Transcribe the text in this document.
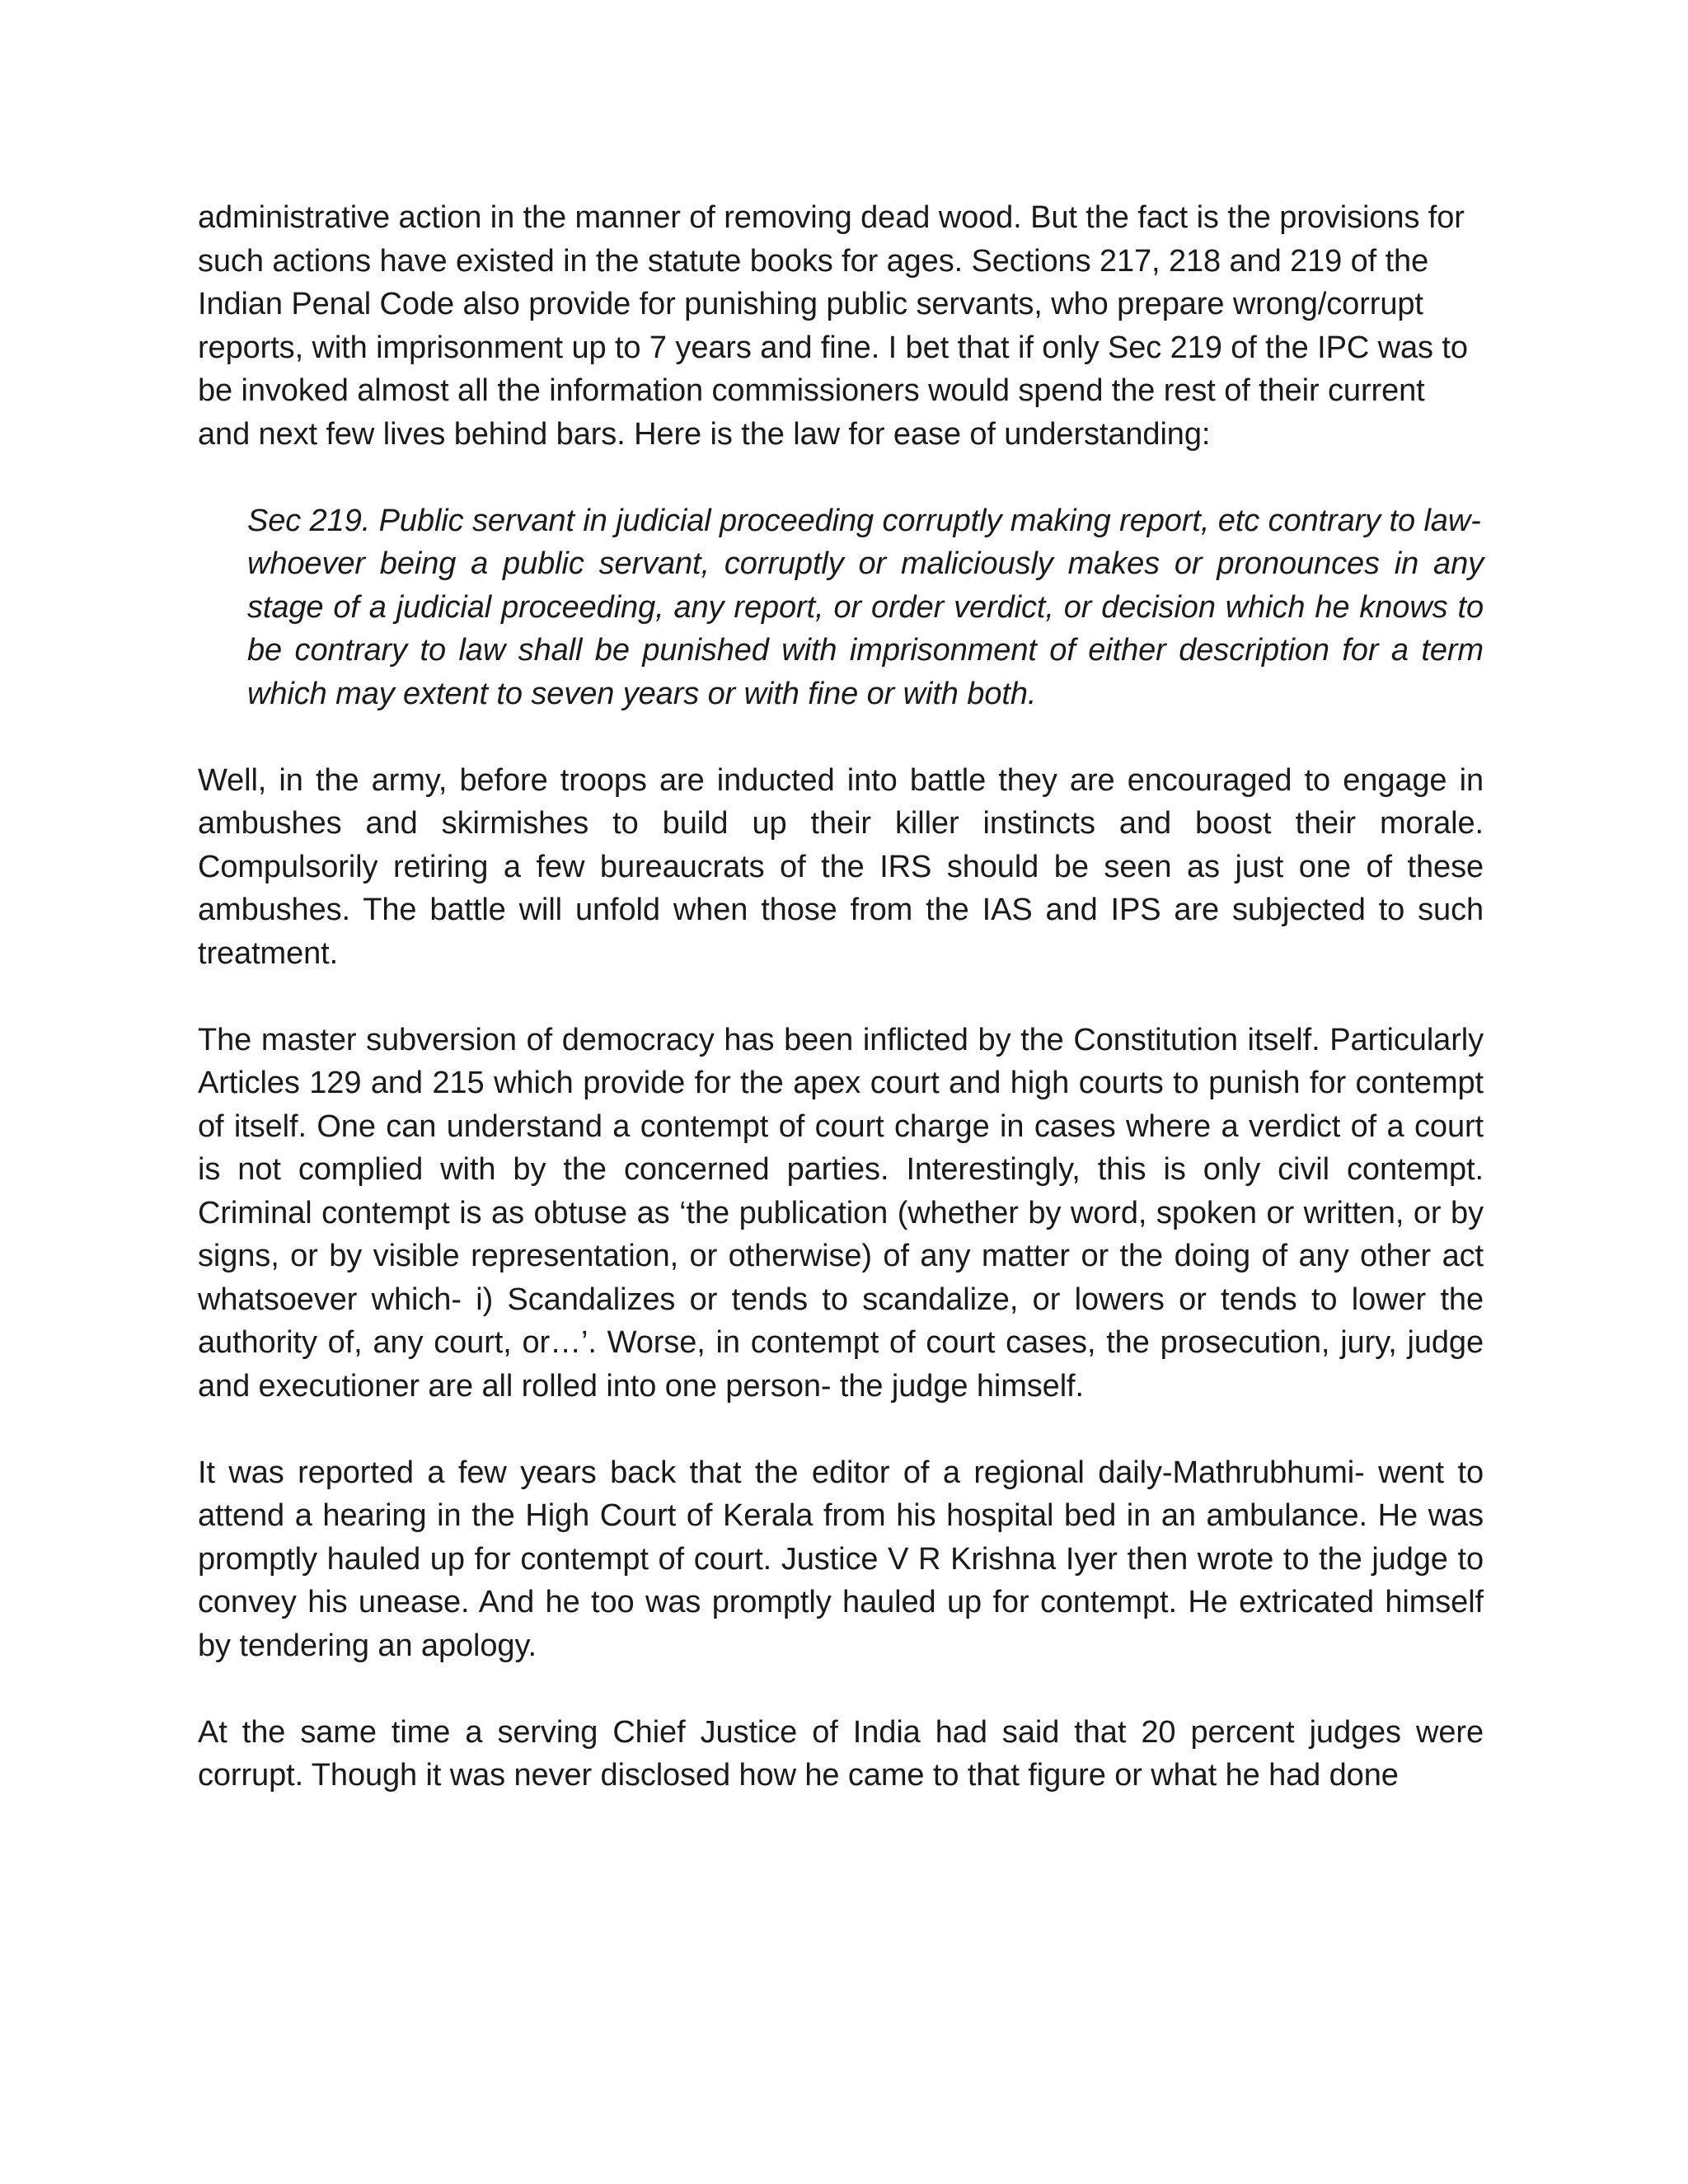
administrative action in the manner of removing dead wood. But the fact is the provisions for such actions have existed in the statute books for ages. Sections 217, 218 and 219 of the Indian Penal Code also provide for punishing public servants, who prepare wrong/corrupt reports, with imprisonment up to 7 years and fine. I bet that if only Sec 219 of the IPC was to be invoked almost all the information commissioners would spend the rest of their current and next few lives behind bars. Here is the law for ease of understanding:

Sec 219. Public servant in judicial proceeding corruptly making report, etc contrary to law-
whoever being a public servant, corruptly or maliciously makes or pronounces in any stage of a judicial proceeding, any report, or order verdict, or decision which he knows to be contrary to law shall be punished with imprisonment of either description for a term which may extent to seven years or with fine or with both.

Well, in the army, before troops are inducted into battle they are encouraged to engage in ambushes and skirmishes to build up their killer instincts and boost their morale. Compulsorily retiring a few bureaucrats of the IRS should be seen as just one of these ambushes. The battle will unfold when those from the IAS and IPS are subjected to such treatment.

The master subversion of democracy has been inflicted by the Constitution itself. Particularly Articles 129 and 215 which provide for the apex court and high courts to punish for contempt of itself. One can understand a contempt of court charge in cases where a verdict of a court is not complied with by the concerned parties. Interestingly, this is only civil contempt. Criminal contempt is as obtuse as ‘the publication (whether by word, spoken or written, or by signs, or by visible representation, or otherwise) of any matter or the doing of any other act whatsoever which- i) Scandalizes or tends to scandalize, or lowers or tends to lower the authority of, any court, or…’. Worse, in contempt of court cases, the prosecution, jury, judge and executioner are all rolled into one person- the judge himself.

It was reported a few years back that the editor of a regional daily-Mathrubhumi- went to attend a hearing in the High Court of Kerala from his hospital bed in an ambulance. He was promptly hauled up for contempt of court. Justice V R Krishna Iyer then wrote to the judge to convey his unease. And he too was promptly hauled up for contempt. He extricated himself by tendering an apology.

At the same time a serving Chief Justice of India had said that 20 percent judges were corrupt. Though it was never disclosed how he came to that figure or what he had done
